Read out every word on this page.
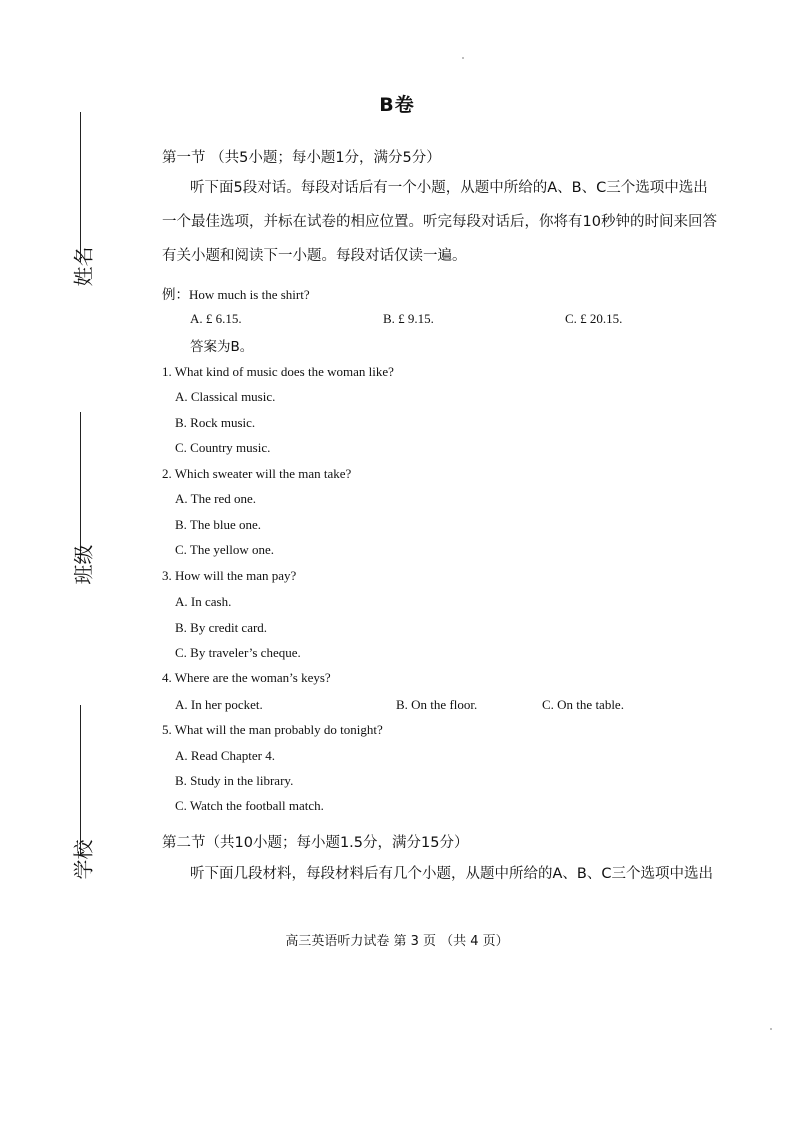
姓名
班级
学校
B卷
第一节 （共5小题；每小题1分，满分5分）
听下面5段对话。每段对话后有一个小题，从题中所给的A、B、C三个选项中选出
一个最佳选项，并标在试卷的相应位置。听完每段对话后，你将有10秒钟的时间来回答
有关小题和阅读下一小题。每段对话仅读一遍。
例：How much is the shirt?
A. £ 6.15.	B. £ 9.15.	C. £ 20.15.
答案为B。
1. What kind of music does the woman like?
A. Classical music.
B. Rock music.
C. Country music.
2. Which sweater will the man take?
A. The red one.
B. The blue one.
C. The yellow one.
3. How will the man pay?
A. In cash.
B. By credit card.
C. By traveler’s cheque.
4. Where are the woman’s keys?
A. In her pocket.	B. On the floor.	C. On the table.
5. What will the man probably do tonight?
A. Read Chapter 4.
B. Study in the library.
C. Watch the football match.
第二节（共10小题；每小题1.5分，满分15分）
听下面几段材料，每段材料后有几个小题，从题中所给的A、B、C三个选项中选出
高三英语听力试卷 第 3 页 （共 4 页）
